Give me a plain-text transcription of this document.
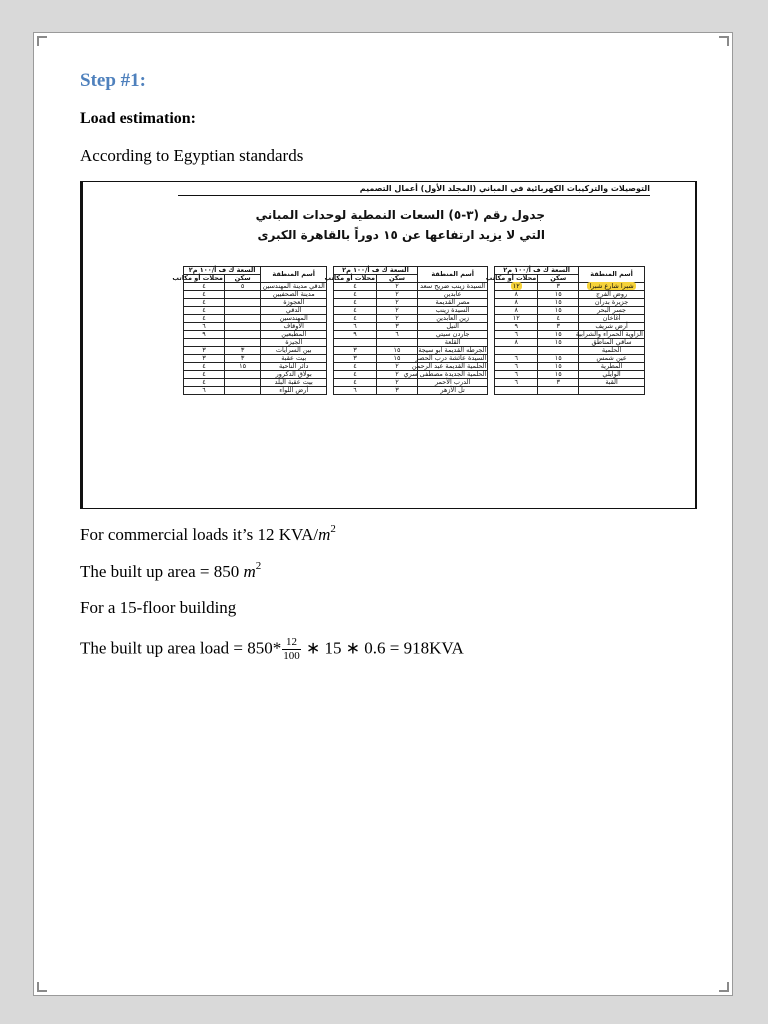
Step #1:
Load estimation:
According to Egyptian standards
التوصيلات والتركيبات الكهربائية في المباني (المجلد الأول) أعمال التصميم
جدول رقم (٣-٥) السعات النمطية لوحدات المباني
التي لا يزيد ارتفاعها عن ١٥ دوراً بالقاهرة الكبرى
أسم المنطقة	السعة ك ف أ/١٠٠ م٢			أسم المنطقة	السعة ك ف أ/١٠٠ م٢			أسم المنطقة	السعة ك ف أ/١٠٠ م٢	
	سكن	محلات أو مكاتب			سكن	محلات أو مكاتب			سكن	محلات أو مكاتب
شبرا شارع شبرا	٣	١٢		السيدة زينب ضريح سعد	٢	٤		الدقي مدينة المهندسين	٥	٤
روض الفرج	١٥	٨		عابدين	٢	٤		مدينة الصحفيين		٤
جزيرة بدران	١٥	٨		مصر القديمة	٢	٤		العجوزة		٤
جسر البحر	١٥	٨		السيدة زينب	٢	٤		الدقي		٤
أغاخان	٤	١٢		زين العابدين	٢	٤		المهندسين		٤
أرض شريف	٣	٩		النيل	٣	٦		الأوقاف		٦
الزاوية الحمراء والشرابية	١٥	٦		جاردن سيتي	٦	٩		المطبعين		٩
ساقي المناطق	١٥	٨		القلعة				الجيزة		
الحلمية				الجرطه القديمة ابو سيجة	١٥	٣		بين السرايات	٣	٣
عين شمس	١٥	٦		السيدة عائشة درب الحصر	١٥	٣		بيت عقبة	٣	٣
المطرية	١٥	٦		الحلمية القديمة عبد الرحمن	٢	٤		دائر الناحية	١٥	٤
الوايلي	١٥	٦		الحلمية الجديدة مصطفى سري	٢	٤		بولاق الدكرور		٤
القبة	٣	٦		الدرب الأحمر	٢	٤		بيت عقبة البلد		٤
				تل الأزهر	٣	٦		أرض اللواء		٦
For commercial loads it’s 12 KVA/$m^2$
The built up area = 850 $m^2$
For a 15-floor building
The built up area load = $850* \frac{12}{100}$ ∗ 15 ∗ 0.6 = 918KVA
